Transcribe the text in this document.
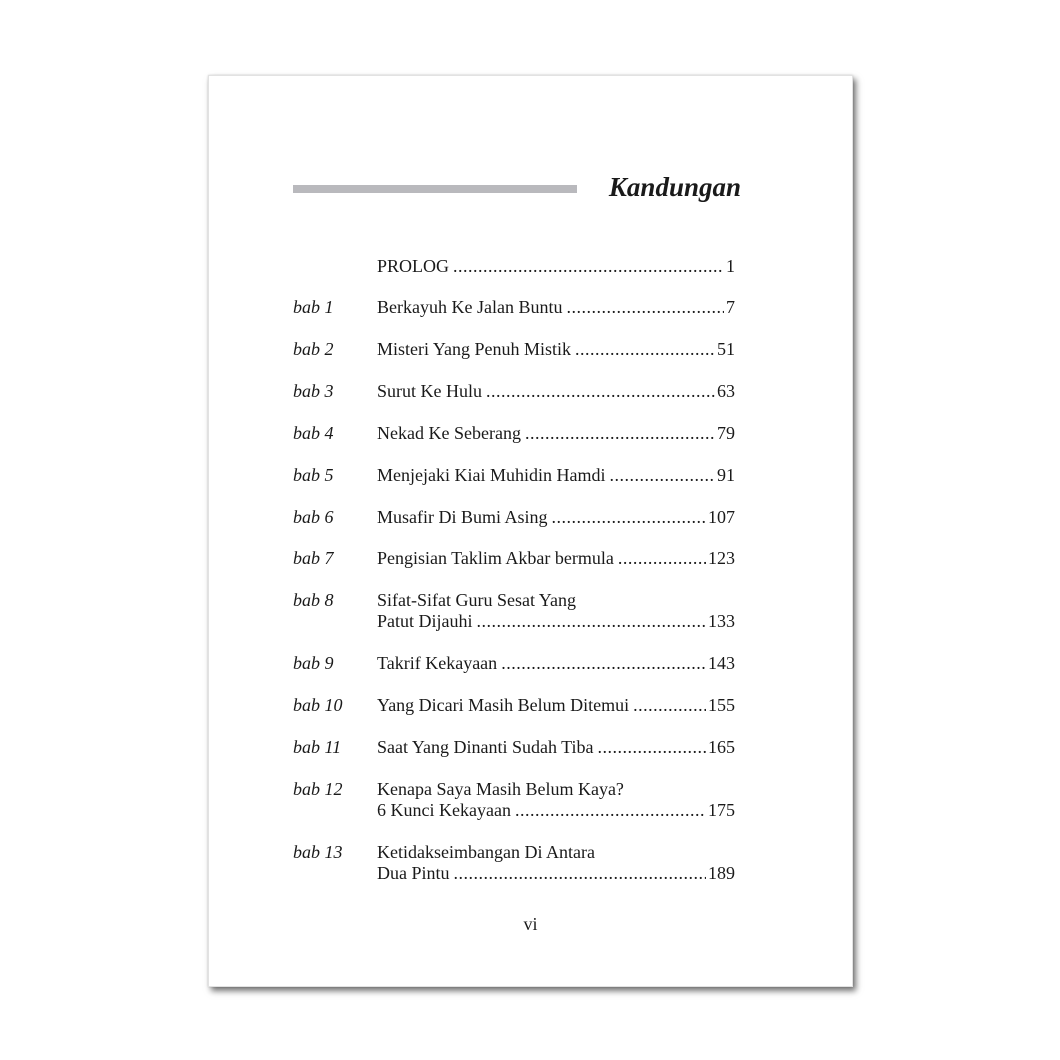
Kandungan
PROLOG .....	1
bab 1 Berkayuh Ke Jalan Buntu .....	7
bab 2 Misteri Yang Penuh Mistik .....	51
bab 3 Surut Ke Hulu .....	63
bab 4 Nekad Ke Seberang .....	79
bab 5 Menjejaki Kiai Muhidin Hamdi .....	91
bab 6 Musafir Di Bumi Asing .....	107
bab 7 Pengisian Taklim Akbar bermula .....	123
bab 8 Sifat-Sifat Guru Sesat Yang
Patut Dijauhi .....	133
bab 9 Takrif Kekayaan .....	143
bab 10 Yang Dicari Masih Belum Ditemui .....	155
bab 11 Saat Yang Dinanti Sudah Tiba .....	165
bab 12 Kenapa Saya Masih Belum Kaya?
6 Kunci Kekayaan .....	175
bab 13 Ketidakseimbangan Di Antara
Dua Pintu .....	189
vi
